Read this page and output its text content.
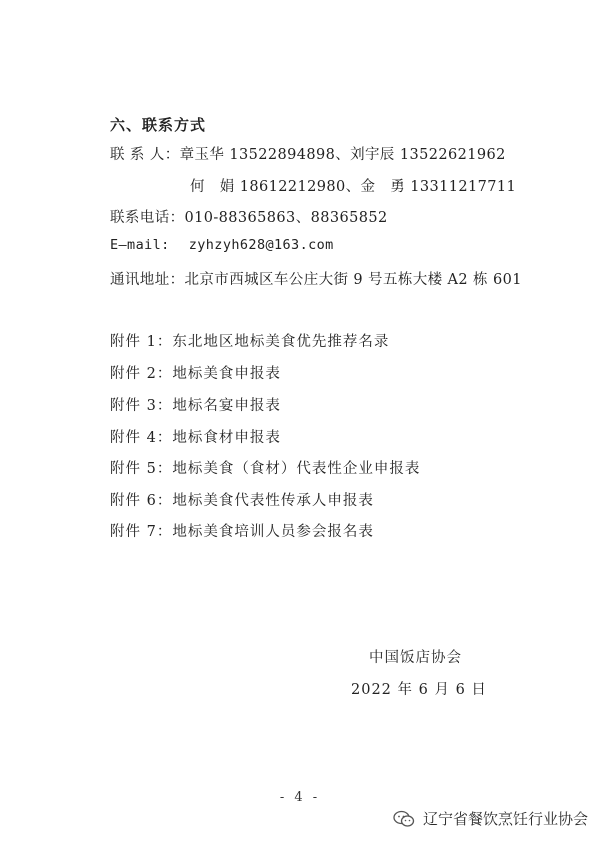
六、联系方式
联 系 人：章玉华 13522894898、刘宇辰 13522621962
何　娟 18612212980、金　勇 13311217711
联系电话：010-88365863、88365852
E—mail: zyhzyh628@163.com
通讯地址：北京市西城区车公庄大街 9 号五栋大楼 A2 栋 601
附件 1：东北地区地标美食优先推荐名录
附件 2：地标美食申报表
附件 3：地标名宴申报表
附件 4：地标食材申报表
附件 5：地标美食（食材）代表性企业申报表
附件 6：地标美食代表性传承人申报表
附件 7：地标美食培训人员参会报名表
中国饭店协会
2022 年 6 月 6 日
- 4 -
辽宁省餐饮烹饪行业协会
